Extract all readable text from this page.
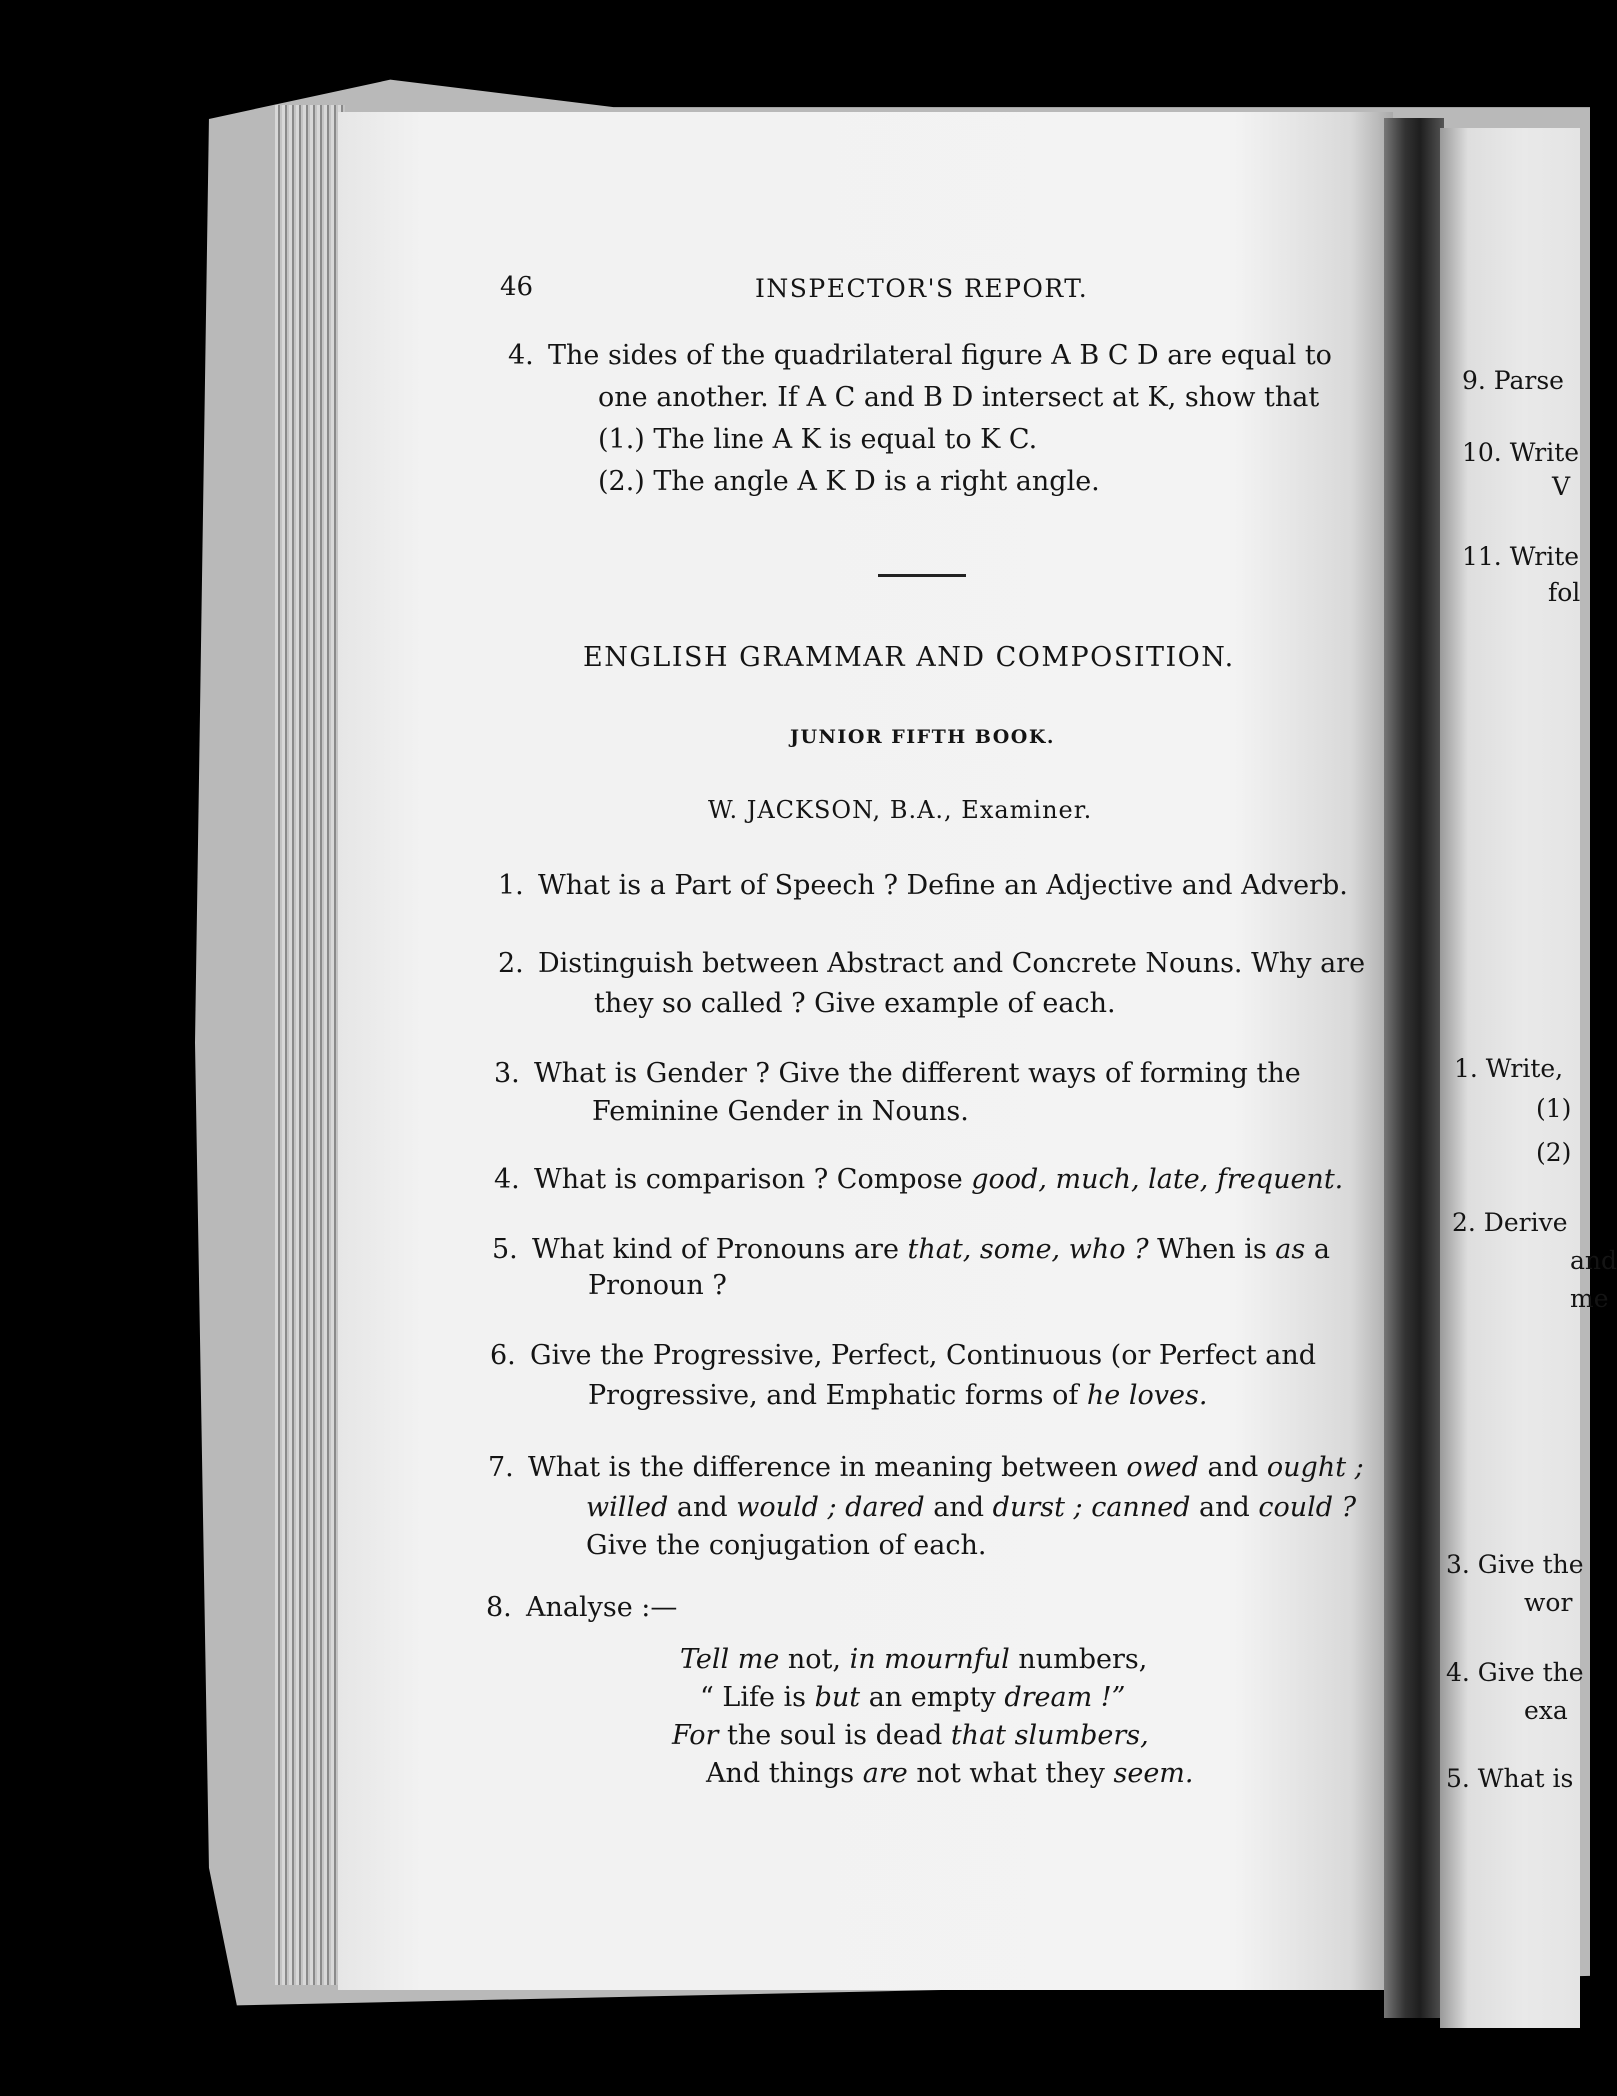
46	INSPECTOR'S REPORT.
4. The sides of the quadrilateral figure A B C D are equal to
one another. If A C and B D intersect at K, show that
(1.) The line A K is equal to K C.
(2.) The angle A K D is a right angle.
ENGLISH GRAMMAR AND COMPOSITION.
JUNIOR FIFTH BOOK.
W. JACKSON, B.A., Examiner.
1. What is a Part of Speech ? Define an Adjective and Adverb.
2. Distinguish between Abstract and Concrete Nouns. Why are
they so called ? Give example of each.
3. What is Gender ? Give the different ways of forming the
Feminine Gender in Nouns.
4. What is comparison ? Compose good, much, late, frequent.
5. What kind of Pronouns are that, some, who ? When is as a
Pronoun ?
6. Give the Progressive, Perfect, Continuous (or Perfect and
Progressive, and Emphatic forms of he loves.
7. What is the difference in meaning between owed and ought ;
willed and would ; dared and durst ; canned and could ?
Give the conjugation of each.
8. Analyse :—
Tell me not, in mournful numbers,
“ Life is but an empty dream !”
For the soul is dead that slumbers,
And things are not what they seem.
9. Parse
10. Write
V
11. Write
fol
1. Write,
(1)
(2)
2. Derive
and
me
3. Give the
wor
4. Give the
exa
5. What is
